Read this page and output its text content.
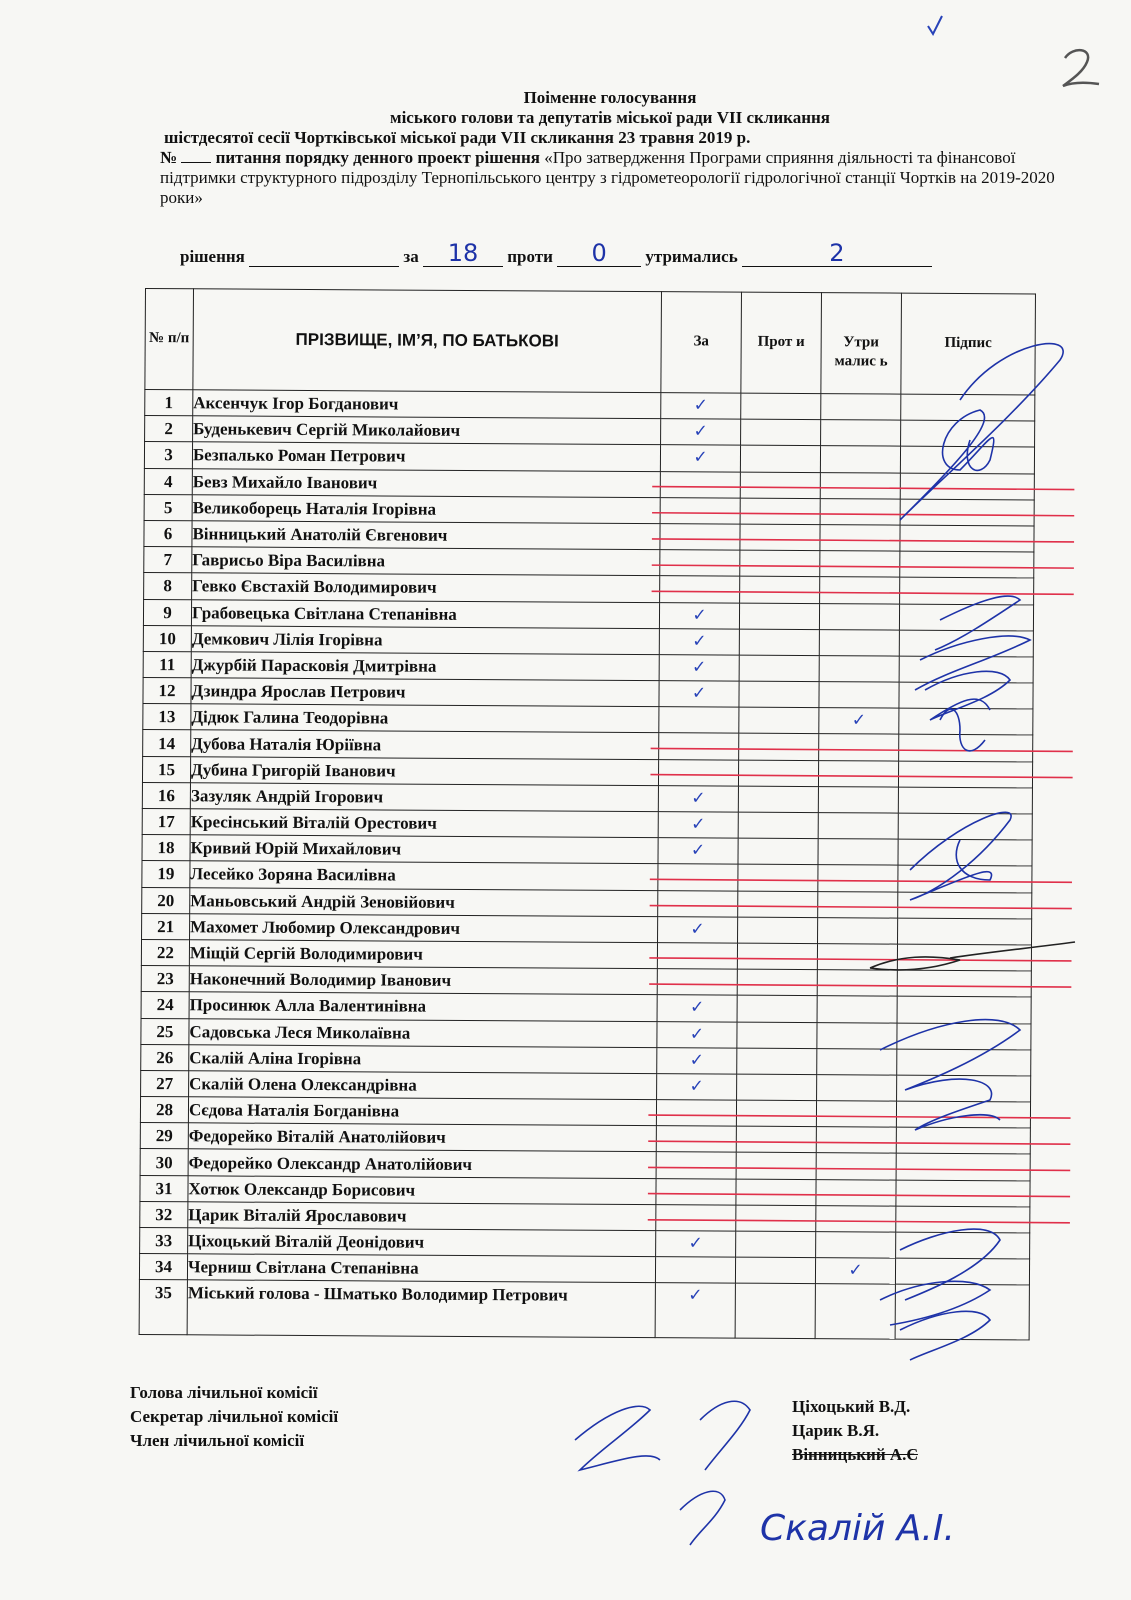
Поіменне голосування
міського голови та депутатів міської ради VII скликання
шістдесятої сесії Чортківської міської ради VII скликання 23 травня 2019 р.
№ питання порядку денного проект рішення «Про затвердження Програми сприяння діяльності та фінансової підтримки структурного підрозділу Тернопільського центру з гідрометеорології гідрологічної станції Чортків на 2019-2020 роки»
рішення	за 18 проти 0 утримались	2
№ п/п	ПРІЗВИЩЕ, ІМ’Я, ПО БАТЬКОВІ	За	Прот и	Утри малис ь	Підпис
1	Аксенчук Ігор Богданович	✓			
2	Буденькевич Сергій Миколайович	✓			
3	Безпалько Роман Петрович	✓			
4	Бевз Михайло Іванович				
5	Великоборець Наталія Ігорівна				
6	Вінницький Анатолій Євгенович				
7	Гаврисьо Віра Василівна				
8	Гевко Євстахій Володимирович				
9	Грабовецька Світлана Степанівна	✓			
10	Демкович Лілія Ігорівна	✓			
11	Джурбій Парасковія Дмитрівна	✓			
12	Дзиндра Ярослав Петрович	✓			
13	Дідюк Галина Теодорівна			✓	
14	Дубова Наталія Юріївна				
15	Дубина Григорій Іванович				
16	Зазуляк Андрій Ігорович	✓			
17	Кресінський Віталій Орестович	✓			
18	Кривий Юрій Михайлович	✓			
19	Лесейко Зоряна Василівна				
20	Маньовський Андрій Зеновійович				
21	Махомет Любомир Олександрович	✓			
22	Міщій Сергій Володимирович				
23	Наконечний Володимир Іванович				
24	Просинюк Алла Валентинівна	✓			
25	Садовська Леся Миколаївна	✓			
26	Скалій Аліна Ігорівна	✓			
27	Скалій Олена Олександрівна	✓			
28	Сєдова Наталія Богданівна				
29	Федорейко Віталій Анатолійович				
30	Федорейко Олександр Анатолійович				
31	Хотюк Олександр Борисович				
32	Царик Віталій Ярославович				
33	Ціхоцький Віталій Деонідович	✓			
34	Черниш Світлана Степанівна			✓	
35	Міський голова - Шматько Володимир Петрович	✓			
Скалій А.І.
Голова лічильної комісії
Секретар лічильної комісії
Член лічильної комісії
Ціхоцький В.Д.
Царик В.Я.
Вінницький А.Є
